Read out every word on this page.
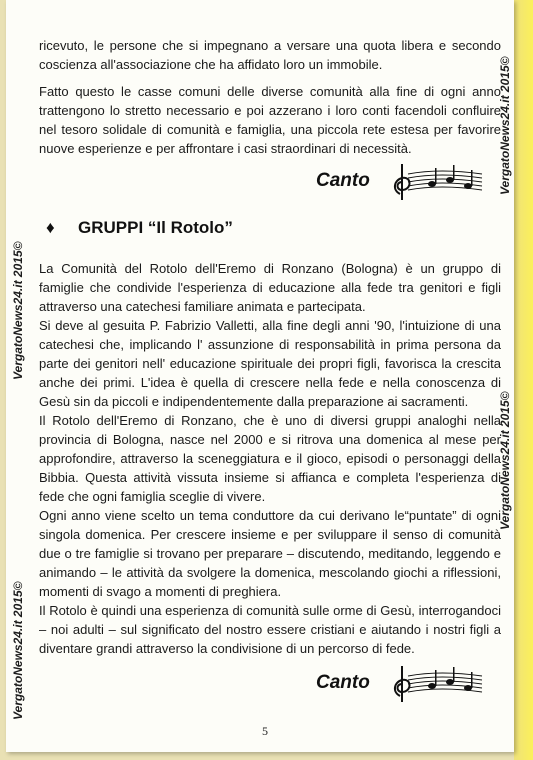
ricevuto, le persone che si impegnano a versare una quota libera e secondo coscienza all'associazione che ha affidato loro un immobile.

Fatto questo le casse comuni delle diverse comunità alla fine di ogni anno trattengono lo stretto necessario e poi azzerano i loro conti facendoli confluire nel tesoro solidale di comunità e famiglia, una piccola rete estesa per favorire nuove esperienze e per affrontare i casi straordinari di necessità.

Canto
♦ GRUPPI “Il Rotolo”

La Comunità del Rotolo dell'Eremo di Ronzano (Bologna) è un gruppo di famiglie che condivide l'esperienza di educazione alla fede tra genitori e figli attraverso una catechesi familiare animata e partecipata.

Si deve al gesuita P. Fabrizio Valletti, alla fine degli anni '90, l'intuizione di una catechesi che, implicando l' assunzione di responsabilità in prima persona da parte dei genitori nell' educazione spirituale dei propri figli, favorisca la crescita anche dei primi. L'idea è quella di crescere nella fede e nella conoscenza di Gesù sin da piccoli e indipendentemente dalla preparazione ai sacramenti.

Il Rotolo dell'Eremo di Ronzano, che è uno di diversi gruppi analoghi nella provincia di Bologna, nasce nel 2000 e si ritrova una domenica al mese per approfondire, attraverso la sceneggiatura e il gioco, episodi o personaggi della Bibbia. Questa attività vissuta insieme si affianca e completa l'esperienza di fede che ogni famiglia sceglie di vivere.

Ogni anno viene scelto un tema conduttore da cui derivano le“puntate” di ogni singola domenica. Per crescere insieme e per sviluppare il senso di comunità due o tre famiglie si trovano per preparare – discutendo, meditando, leggendo e animando – le attività da svolgere la domenica, mescolando giochi a riflessioni, momenti di svago a momenti di preghiera.

Il Rotolo è quindi una esperienza di comunità sulle orme di Gesù, interrogandoci – noi adulti – sul significato del nostro essere cristiani e aiutando i nostri figli a diventare grandi attraverso la condivisione di un percorso di fede.

Canto
5
VergatoNews24.it 2015©
VergatoNews24.it 2015©
VergatoNews24.it 2015©
VergatoNews24.it 2015©
